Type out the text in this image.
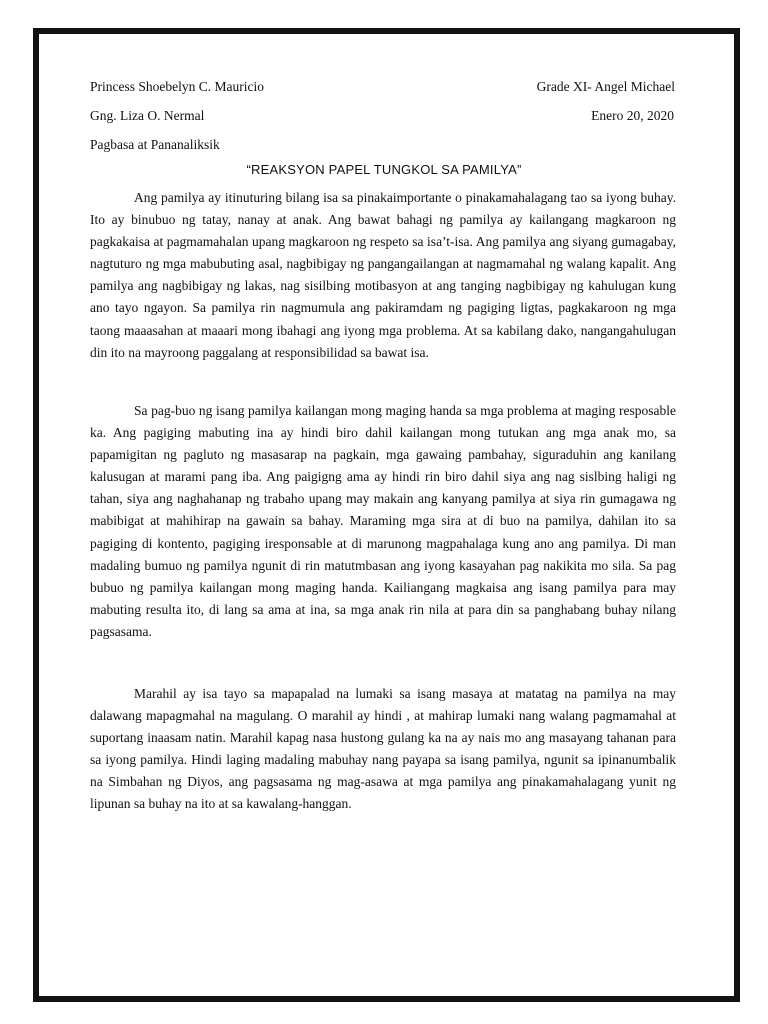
Princess Shoebelyn C. Mauricio	Grade XI- Angel Michael
Gng. Liza O. Nermal	Enero 20, 2020
Pagbasa at Pananaliksik
“REAKSYON PAPEL TUNGKOL SA PAMILYA”

Ang pamilya ay itinuturing bilang isa sa pinakaimportante o pinakamahalagang tao sa iyong buhay. Ito ay binubuo ng tatay, nanay at anak. Ang bawat bahagi ng pamilya ay kailangang magkaroon ng pagkakaisa at pagmamahalan upang magkaroon ng respeto sa isa’t-isa. Ang pamilya ang siyang gumagabay, nagtuturo ng mga mabubuting asal, nagbibigay ng pangangailangan at nagmamahal ng walang kapalit. Ang pamilya ang nagbibigay ng lakas, nag sisilbing motibasyon at ang tanging nagbibigay ng kahulugan kung ano tayo ngayon. Sa pamilya rin nagmumula ang pakiramdam ng pagiging ligtas, pagkakaroon ng mga taong maaasahan at maaari mong ibahagi ang iyong mga problema. At sa kabilang dako, nangangahulugan din ito na mayroong paggalang at responsibilidad sa bawat isa.

Sa pag-buo ng isang pamilya kailangan mong maging handa sa mga problema at maging resposable ka. Ang pagiging mabuting ina ay hindi biro dahil kailangan mong tutukan ang mga anak mo, sa papamigitan ng pagluto ng masasarap na pagkain, mga gawaing pambahay, siguraduhin ang kanilang kalusugan at marami pang iba. Ang paigigng ama ay hindi rin biro dahil siya ang nag sislbing haligi ng tahan, siya ang naghahanap ng trabaho upang may makain ang kanyang pamilya at siya rin gumagawa ng mabibigat at mahihirap na gawain sa bahay. Maraming mga sira at di buo na pamilya, dahilan ito sa pagiging di kontento, pagiging iresponsable at di marunong magpahalaga kung ano ang pamilya. Di man madaling bumuo ng pamilya ngunit di rin matutmbasan ang iyong kasayahan pag nakikita mo sila. Sa pag bubuo ng pamilya kailangan mong maging handa. Kailiangang magkaisa ang isang pamilya para may mabuting resulta ito, di lang sa ama at ina, sa mga anak rin nila at para din sa panghabang buhay nilang pagsasama.

Marahil ay isa tayo sa mapapalad na lumaki sa isang masaya at matatag na pamilya na may dalawang mapagmahal na magulang. O marahil ay hindi , at mahirap lumaki nang walang pagmamahal at suportang inaasam natin. Marahil kapag nasa hustong gulang ka na ay nais mo ang masayang tahanan para sa iyong pamilya. Hindi laging madaling mabuhay nang payapa sa isang pamilya, ngunit sa ipinanumbalik na Simbahan ng Diyos, ang pagsasama ng mag-asawa at mga pamilya ang pinakamahalagang yunit ng lipunan sa buhay na ito at sa kawalang-hanggan.
